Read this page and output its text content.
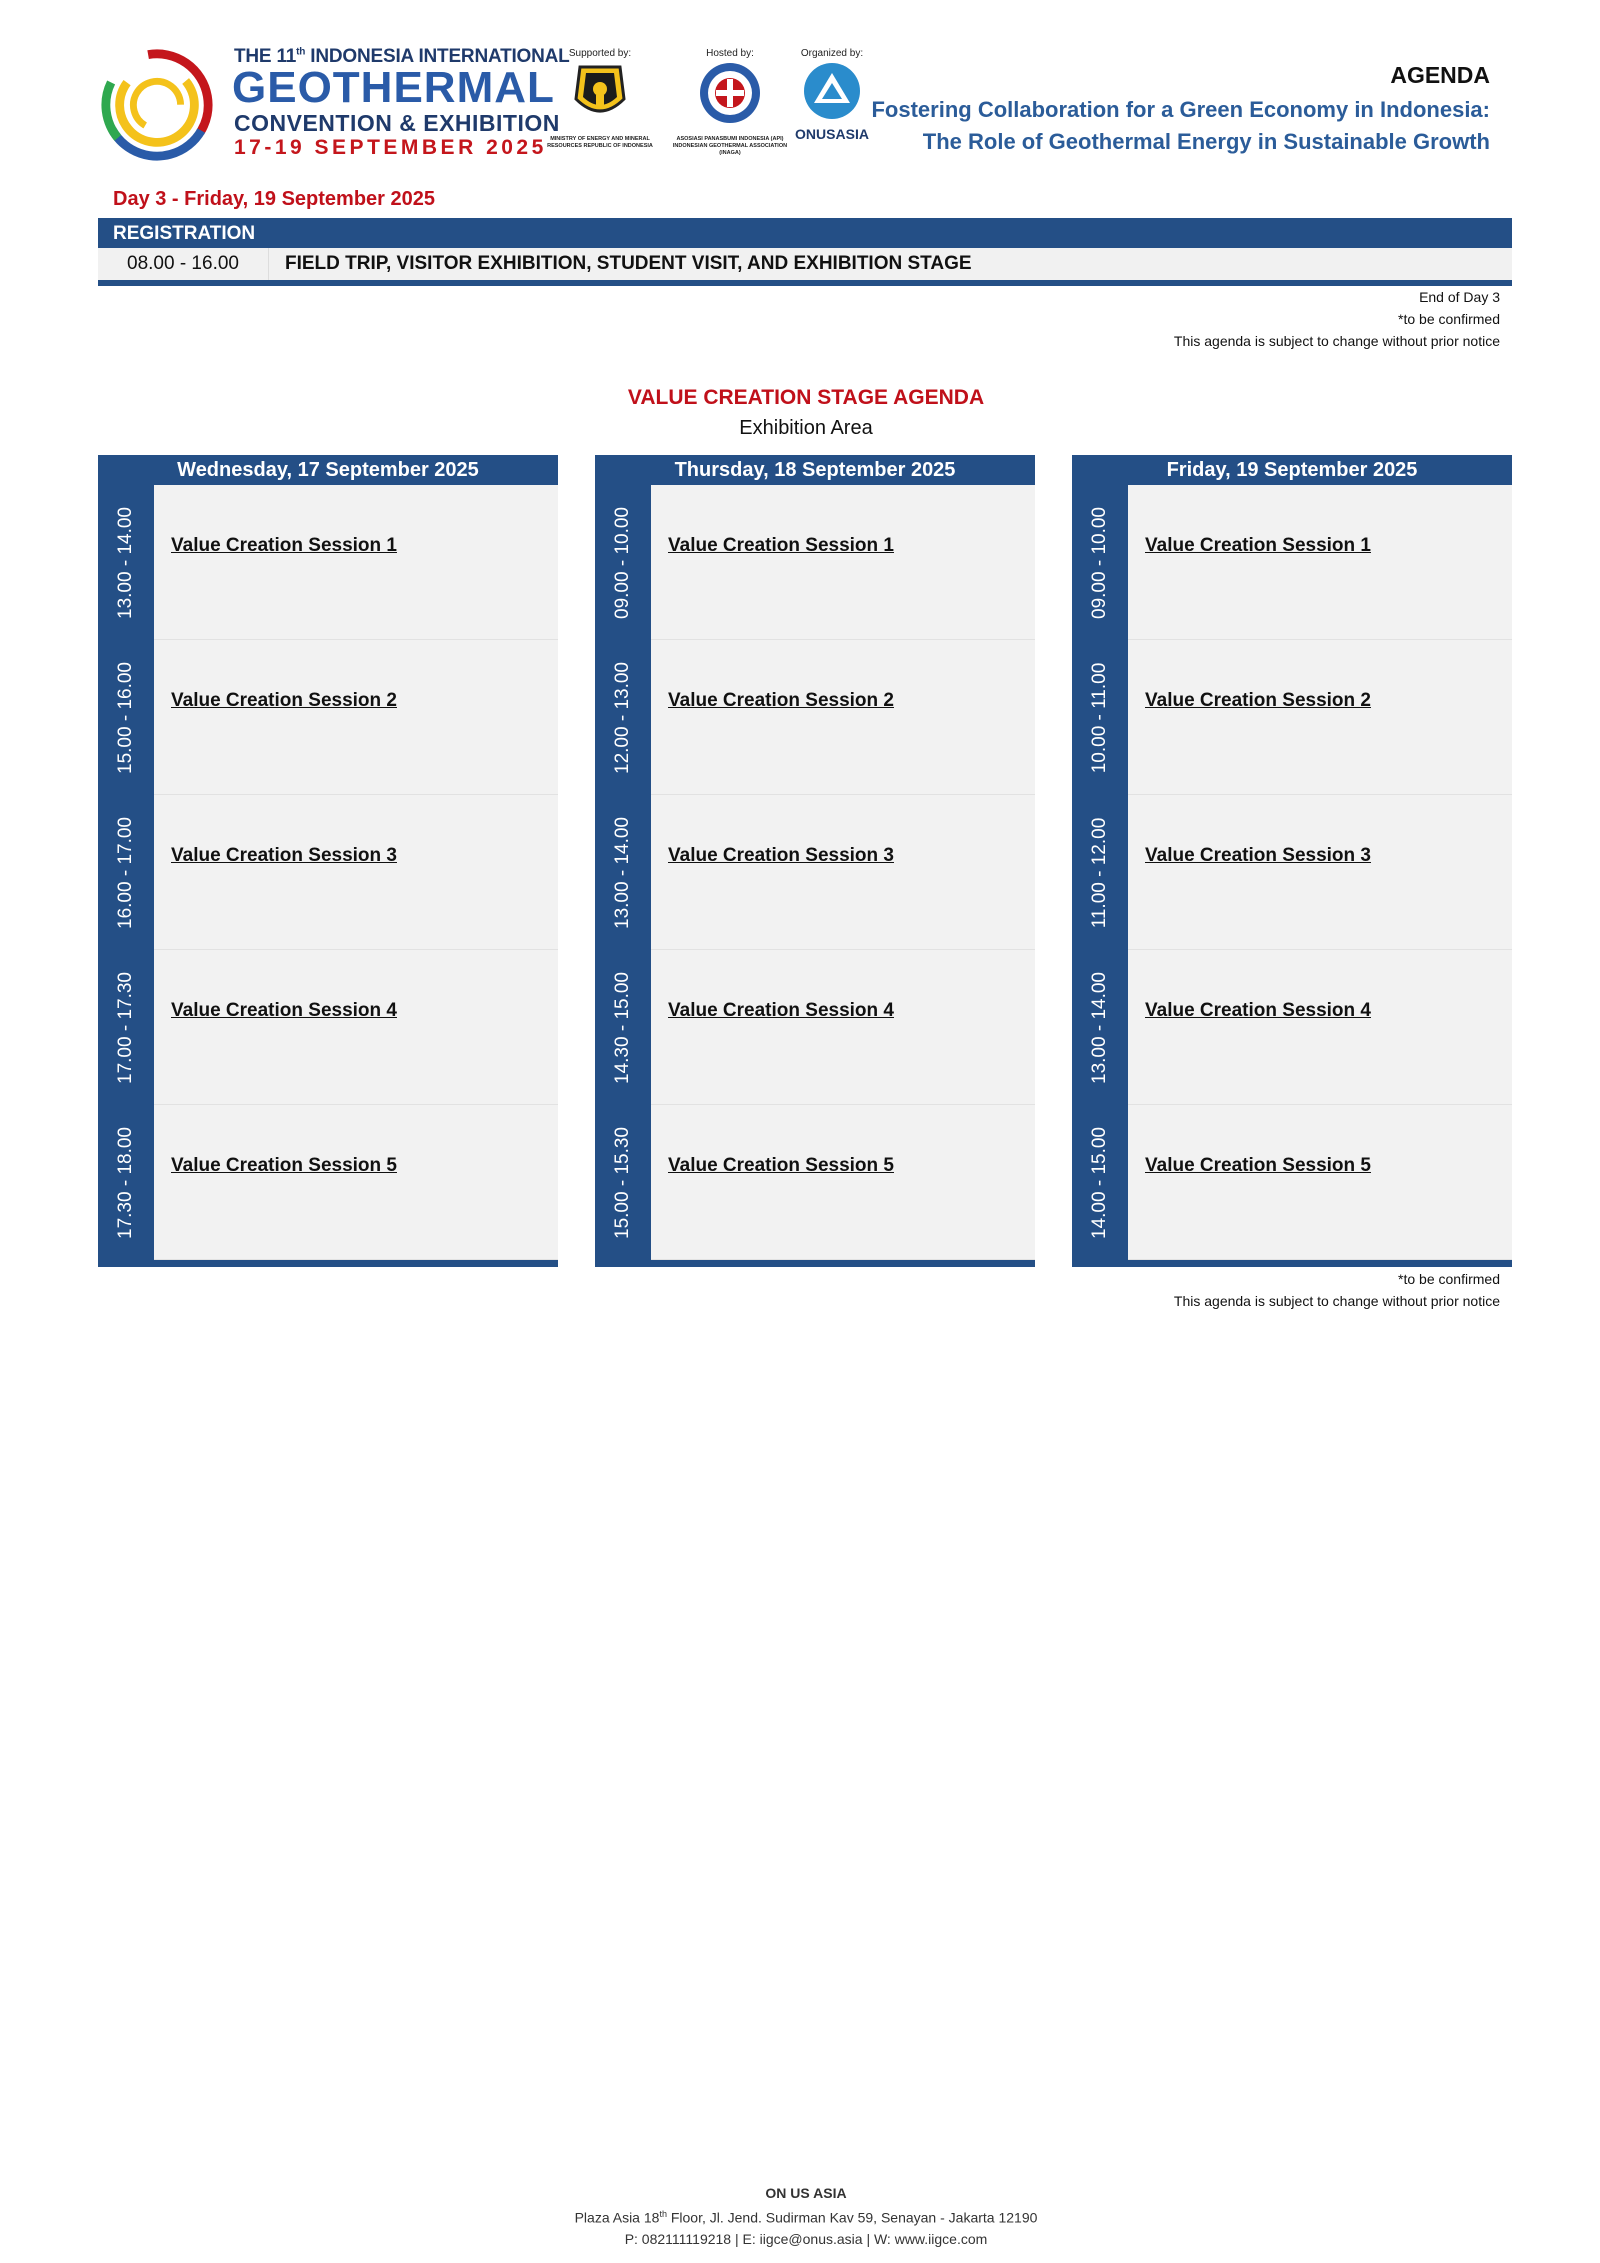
THE 11th INDONESIA INTERNATIONAL
GEOTHERMAL
CONVENTION & EXHIBITION
17-19 SEPTEMBER 2025
Supported by:
MINISTRY OF ENERGY AND MINERAL RESOURCES REPUBLIC OF INDONESIA
Hosted by:
ASOSIASI PANASBUMI INDONESIA (API) INDONESIAN GEOTHERMAL ASSOCIATION (INAGA)
Organized by:
ONUSASIA
AGENDA
Fostering Collaboration for a Green Economy in Indonesia:
The Role of Geothermal Energy in Sustainable Growth
Day 3 - Friday, 19 September 2025
REGISTRATION
08.00 - 16.00	FIELD TRIP, VISITOR EXHIBITION, STUDENT VISIT, AND EXHIBITION STAGE
End of Day 3
*to be confirmed
This agenda is subject to change without prior notice
VALUE CREATION STAGE AGENDA
Exhibition Area
Wednesday, 17 September 2025
13.00 - 14.00 Value Creation Session 1
15.00 - 16.00 Value Creation Session 2
16.00 - 17.00 Value Creation Session 3
17.00 - 17.30 Value Creation Session 4
17.30 - 18.00 Value Creation Session 5
Thursday, 18 September 2025
09.00 - 10.00 Value Creation Session 1
12.00 - 13.00 Value Creation Session 2
13.00 - 14.00 Value Creation Session 3
14.30 - 15.00 Value Creation Session 4
15.00 - 15.30 Value Creation Session 5
Friday, 19 September 2025
09.00 - 10.00 Value Creation Session 1
10.00 - 11.00 Value Creation Session 2
11.00 - 12.00 Value Creation Session 3
13.00 - 14.00 Value Creation Session 4
14.00 - 15.00 Value Creation Session 5
*to be confirmed
This agenda is subject to change without prior notice
ON US ASIA
Plaza Asia 18th Floor, Jl. Jend. Sudirman Kav 59, Senayan - Jakarta 12190
P: 082111119218 | E: iigce@onus.asia | W: www.iigce.com
